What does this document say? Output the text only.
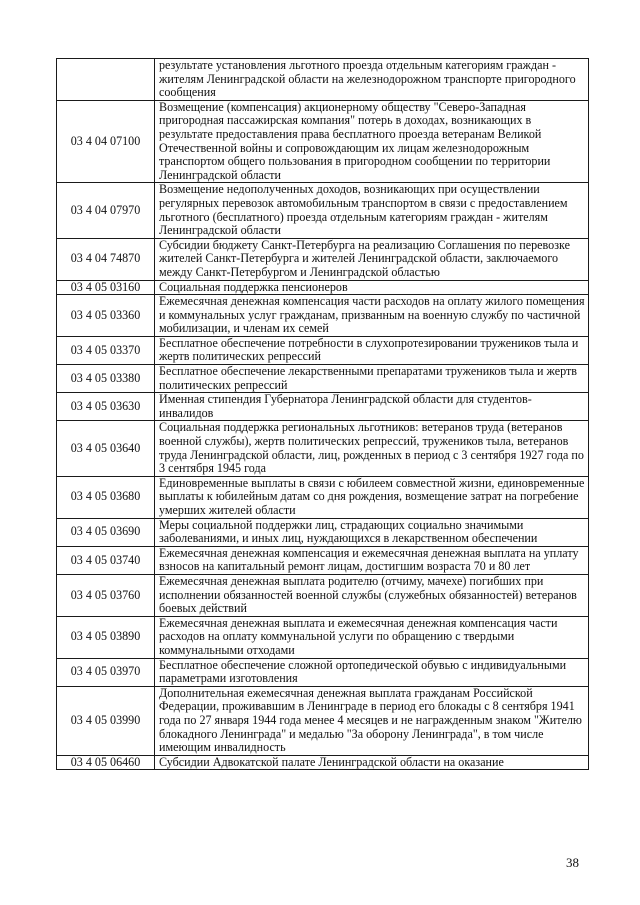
	результате установления льготного проезда отдельным категориям граждан - жителям Ленинградской области на железнодорожном транспорте пригородного сообщения
03 4 04 07100	Возмещение (компенсация) акционерному обществу "Северо-Западная пригородная пассажирская компания" потерь в доходах, возникающих в результате предоставления права бесплатного проезда ветеранам Великой Отечественной войны и сопровождающим их лицам железнодорожным транспортом общего пользования в пригородном сообщении по территории Ленинградской области
03 4 04 07970	Возмещение недополученных доходов, возникающих при осуществлении регулярных перевозок автомобильным транспортом в связи с предоставлением льготного (бесплатного) проезда отдельным категориям граждан - жителям Ленинградской области
03 4 04 74870	Субсидии бюджету Санкт-Петербурга на реализацию Соглашения по перевозке жителей Санкт-Петербурга и жителей Ленинградской области, заключаемого между Санкт-Петербургом и Ленинградской областью
03 4 05 03160	Социальная поддержка пенсионеров
03 4 05 03360	Ежемесячная денежная компенсация части расходов на оплату жилого помещения и коммунальных услуг гражданам, призванным на военную службу по частичной мобилизации, и членам их семей
03 4 05 03370	Бесплатное обеспечение потребности в слухопротезировании тружеников тыла и жертв политических репрессий
03 4 05 03380	Бесплатное обеспечение лекарственными препаратами тружеников тыла и жертв политических репрессий
03 4 05 03630	Именная стипендия Губернатора Ленинградской области для студентов-инвалидов
03 4 05 03640	Социальная поддержка региональных льготников: ветеранов труда (ветеранов военной службы), жертв политических репрессий, тружеников тыла, ветеранов труда Ленинградской области, лиц, рожденных в период с 3 сентября 1927 года по 3 сентября 1945 года
03 4 05 03680	Единовременные выплаты в связи с юбилеем совместной жизни, единовременные выплаты к юбилейным датам со дня рождения, возмещение затрат на погребение умерших жителей области
03 4 05 03690	Меры социальной поддержки лиц, страдающих социально значимыми заболеваниями, и иных лиц, нуждающихся в лекарственном обеспечении
03 4 05 03740	Ежемесячная денежная компенсация и ежемесячная денежная выплата на уплату взносов на капитальный ремонт лицам, достигшим возраста 70 и 80 лет
03 4 05 03760	Ежемесячная денежная выплата родителю (отчиму, мачехе) погибших при исполнении обязанностей военной службы (служебных обязанностей) ветеранов боевых действий
03 4 05 03890	Ежемесячная денежная выплата и ежемесячная денежная компенсация части расходов на оплату коммунальной услуги по обращению с твердыми коммунальными отходами
03 4 05 03970	Бесплатное обеспечение сложной ортопедической обувью с индивидуальными параметрами изготовления
03 4 05 03990	Дополнительная ежемесячная денежная выплата гражданам Российской Федерации, проживавшим в Ленинграде в период его блокады с 8 сентября 1941 года по 27 января 1944 года менее 4 месяцев и не награжденным знаком "Жителю блокадного Ленинграда" и медалью "За оборону Ленинграда", в том числе имеющим инвалидность
03 4 05 06460	Субсидии Адвокатской палате Ленинградской области на оказание
38
